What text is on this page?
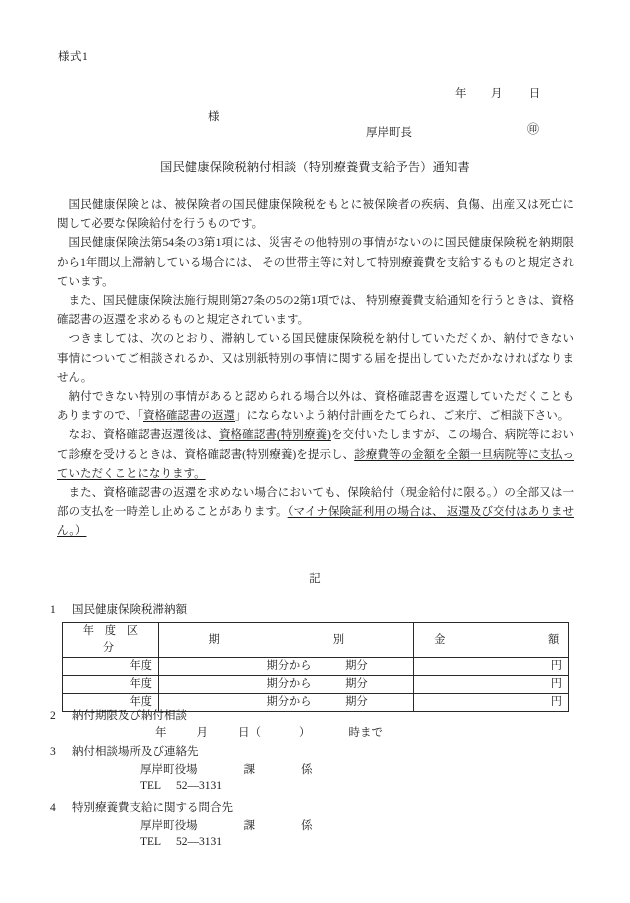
様式1
年 月 日
様
厚岸町長	㊞
国民健康保険税納付相談（特別療養費支給予告）通知書

国民健康保険とは、被保険者の国民健康保険税をもとに被保険者の疾病、負傷、出産又は死亡に関して必要な保険給付を行うものです。

国民健康保険法第54条の3第1項には、災害その他特別の事情がないのに国民健康保険税を納期限から1年間以上滞納している場合には、 その世帯主等に対して特別療養費を支給するものと規定されています。

また、国民健康保険法施行規則第27条の5の2第1項では、 特別療養費支給通知を行うときは、資格確認書の返還を求めるものと規定されています。

つきましては、次のとおり、滞納している国民健康保険税を納付していただくか、納付できない事情についてご相談されるか、又は別紙特別の事情に関する届を提出していただかなければなりません。

納付できない特別の事情があると認められる場合以外は、資格確認書を返還していただくこともありますので、「資格確認書の返還」にならないよう納付計画をたてられ、ご来庁、ご相談下さい。

なお、資格確認書返還後は、資格確認書(特別療養)を交付いたしますが、この場合、病院等において診療を受けるときは、資格確認書(特別療養)を提示し、診療費等の金額を全額一旦病院等に支払っていただくことになります。

また、資格確認書の返還を求めない場合においても、保険給付（現金給付に限る。）の全部又は一部の支払を一時差し止めることがあります。（マイナ保険証利用の場合は、 返還及び交付はありません。）

記
1 国民健康保険税滞納額
年 度 区 分	期 別	金 額

年度	期分から 期分	円
年度	期分から 期分	円
年度	期分から 期分	円
2 納付期限及び納付相談
年	月	日（	）	時まで
3 納付相談場所及び連絡先
厚岸町役場	課	係
TEL 52—3131
4 特別療養費支給に関する問合先
厚岸町役場	課	係
TEL 52—3131
